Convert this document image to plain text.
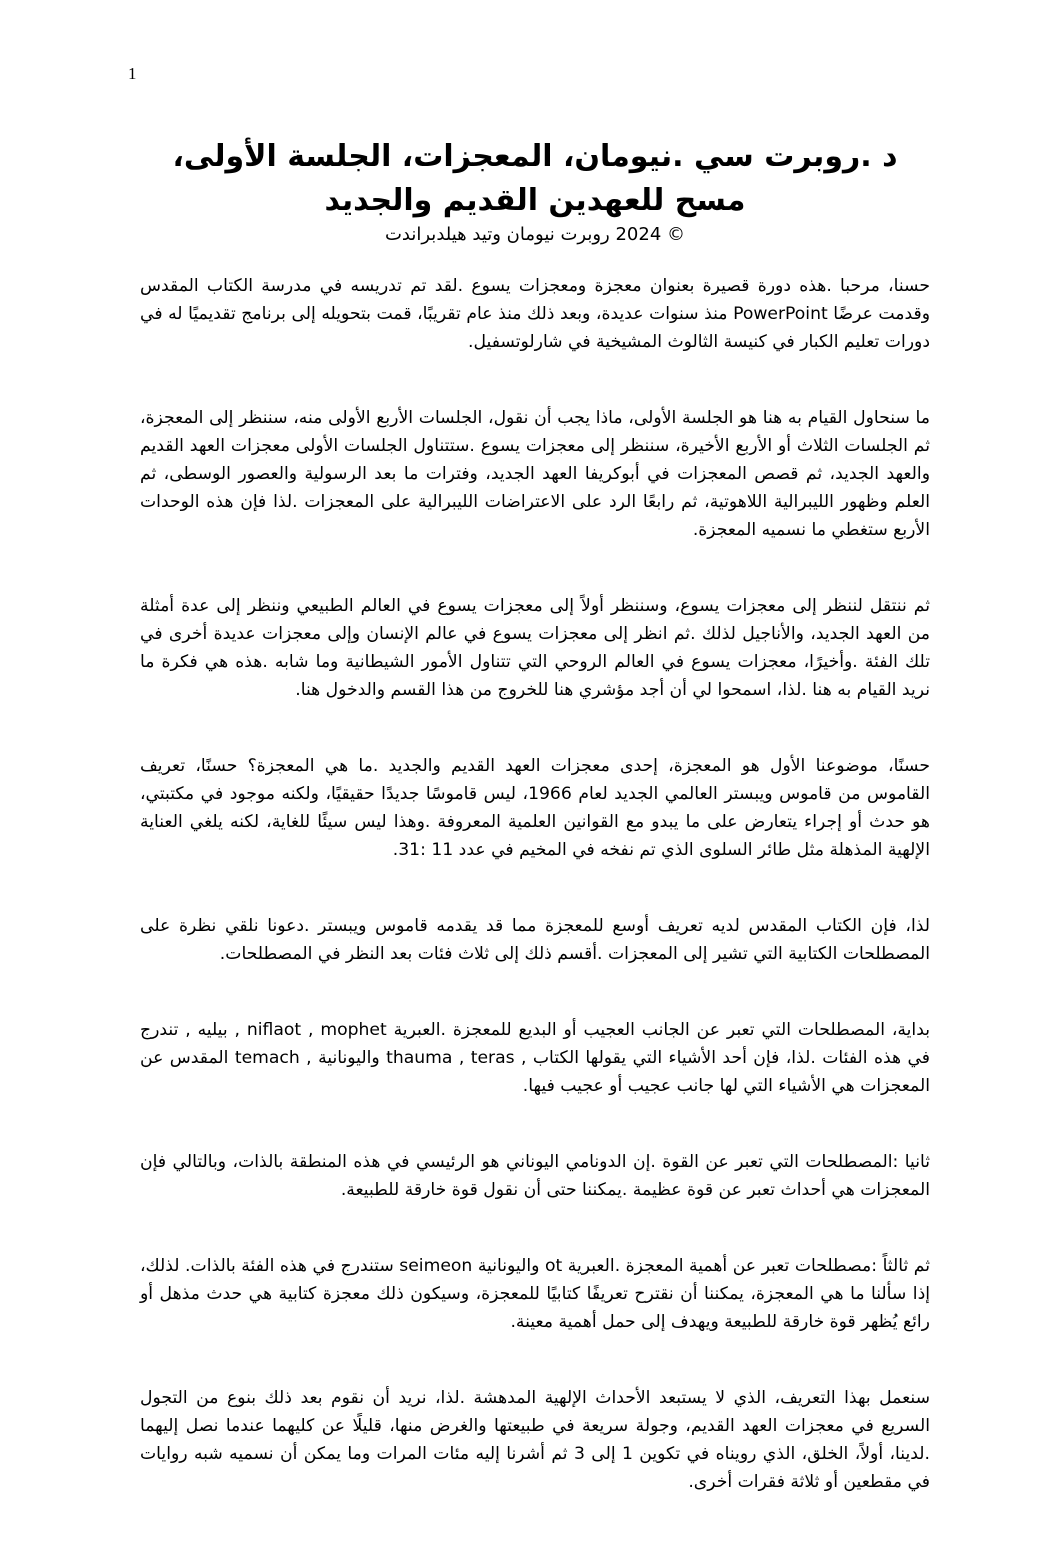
1

د .روبرت سي .نيومان، المعجزات، الجلسة الأولى،

مسح للعهدين القديم والجديد

© 2024 روبرت نيومان وتيد هيلدبراندت

حسنا، مرحبا .هذه دورة قصيرة بعنوان معجزة ومعجزات يسوع .لقد تم تدريسه في مدرسة الكتاب المقدس وقدمت عرضًا PowerPoint منذ سنوات عديدة، وبعد ذلك منذ عام تقريبًا، قمت بتحويله إلى برنامج تقديميًا له في دورات تعليم الكبار في كنيسة الثالوث المشيخية في شارلوتسفيل.

ما سنحاول القيام به هنا هو الجلسة الأولى، ماذا يجب أن نقول، الجلسات الأربع الأولى منه، سننظر إلى المعجزة، ثم الجلسات الثلاث أو الأربع الأخيرة، سننظر إلى معجزات يسوع .ستتناول الجلسات الأولى معجزات العهد القديم والعهد الجديد، ثم قصص المعجزات في أبوكريفا العهد الجديد، وفترات ما بعد الرسولية والعصور الوسطى، ثم العلم وظهور الليبرالية اللاهوتية، ثم رابعًا الرد على الاعتراضات الليبرالية على المعجزات .لذا فإن هذه الوحدات الأربع ستغطي ما نسميه المعجزة.

ثم ننتقل لننظر إلى معجزات يسوع، وسننظر أولاً إلى معجزات يسوع في العالم الطبيعي وننظر إلى عدة أمثلة من العهد الجديد، والأناجيل لذلك .ثم انظر إلى معجزات يسوع في عالم الإنسان وإلى معجزات عديدة أخرى في تلك الفئة .وأخيرًا، معجزات يسوع في العالم الروحي التي تتناول الأمور الشيطانية وما شابه .هذه هي فكرة ما نريد القيام به هنا .لذا، اسمحوا لي أن أجد مؤشري هنا للخروج من هذا القسم والدخول هنا.

حسنًا، موضوعنا الأول هو المعجزة، إحدى معجزات العهد القديم والجديد .ما هي المعجزة؟ حسنًا، تعريف القاموس من قاموس ويبستر العالمي الجديد لعام 1966، ليس قاموسًا جديدًا حقيقيًا، ولكنه موجود في مكتبتي، هو حدث أو إجراء يتعارض على ما يبدو مع القوانين العلمية المعروفة .وهذا ليس سيئًا للغاية، لكنه يلغي العناية الإلهية المذهلة مثل طائر السلوى الذي تم نفخه في المخيم في عدد 11 :31.

لذا، فإن الكتاب المقدس لديه تعريف أوسع للمعجزة مما قد يقدمه قاموس ويبستر .دعونا نلقي نظرة على المصطلحات الكتابية التي تشير إلى المعجزات .أقسم ذلك إلى ثلاث فئات بعد النظر في المصطلحات.

بداية، المصطلحات التي تعبر عن الجانب العجيب أو البديع للمعجزة .العبرية niflaot , mophet , بيليه , تندرج في هذه الفئات .لذا، فإن أحد الأشياء التي يقولها الكتاب , thauma , teras واليونانية , temach المقدس عن المعجزات هي الأشياء التي لها جانب عجيب أو عجيب فيها.

ثانيا :المصطلحات التي تعبر عن القوة .إن الدونامي اليوناني هو الرئيسي في هذه المنطقة بالذات، وبالتالي فإن المعجزات هي أحداث تعبر عن قوة عظيمة .يمكننا حتى أن نقول قوة خارقة للطبيعة.

ثم ثالثاً :مصطلحات تعبر عن أهمية المعجزة .العبرية ot واليونانية seimeon ستندرج في هذه الفئة بالذات. لذلك، إذا سألنا ما هي المعجزة، يمكننا أن نقترح تعريفًا كتابيًا للمعجزة، وسيكون ذلك معجزة كتابية هي حدث مذهل أو رائع يُظهر قوة خارقة للطبيعة ويهدف إلى حمل أهمية معينة.

سنعمل بهذا التعريف، الذي لا يستبعد الأحداث الإلهية المدهشة .لذا، نريد أن نقوم بعد ذلك بنوع من التجول السريع في معجزات العهد القديم، وجولة سريعة في طبيعتها والغرض منها، قليلًا عن كليهما عندما نصل إليهما .لدينا، أولاً، الخلق، الذي رويناه في تكوين 1 إلى 3 ثم أشرنا إليه مئات المرات وما يمكن أن نسميه شبه روايات في مقطعين أو ثلاثة فقرات أخرى.
